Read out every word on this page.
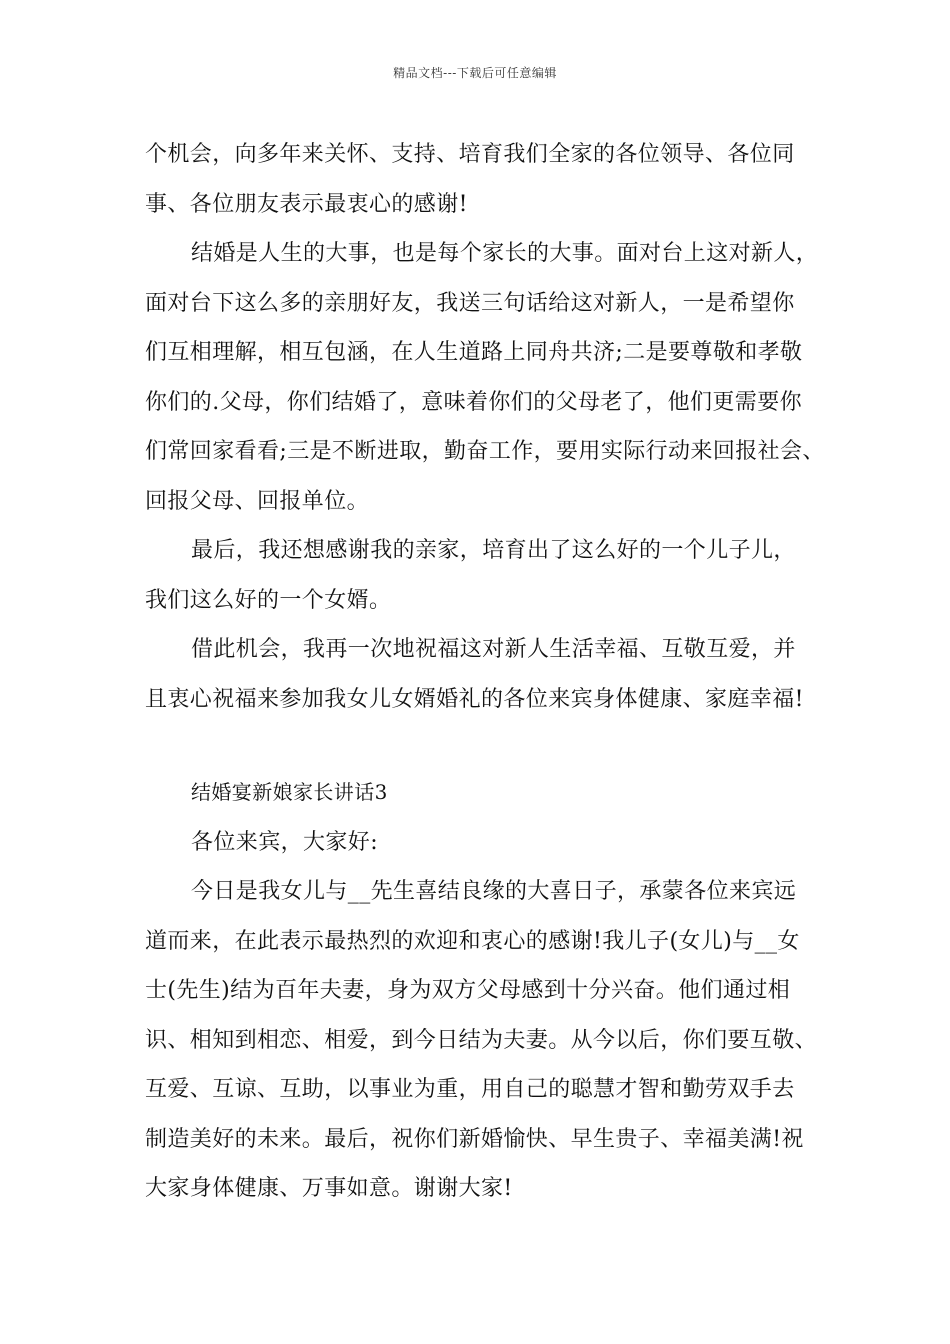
精品文档---下载后可任意编辑
个机会，向多年来关怀、支持、培育我们全家的各位领导、各位同
事、各位朋友表示最衷心的感谢!
结婚是人生的大事，也是每个家长的大事。面对台上这对新人，
面对台下这么多的亲朋好友，我送三句话给这对新人，一是希望你
们互相理解，相互包涵，在人生道路上同舟共济;二是要尊敬和孝敬
你们的.父母，你们结婚了，意味着你们的父母老了，他们更需要你
们常回家看看;三是不断进取，勤奋工作，要用实际行动来回报社会、
回报父母、回报单位。
最后，我还想感谢我的亲家，培育出了这么好的一个儿子儿，
我们这么好的一个女婿。
借此机会，我再一次地祝福这对新人生活幸福、互敬互爱，并
且衷心祝福来参加我女儿女婿婚礼的各位来宾身体健康、家庭幸福!
结婚宴新娘家长讲话3
各位来宾，大家好:
今日是我女儿与__先生喜结良缘的大喜日子，承蒙各位来宾远
道而来，在此表示最热烈的欢迎和衷心的感谢!我儿子(女儿)与__女
士(先生)结为百年夫妻，身为双方父母感到十分兴奋。他们通过相
识、相知到相恋、相爱，到今日结为夫妻。从今以后，你们要互敬、
互爱、互谅、互助，以事业为重，用自己的聪慧才智和勤劳双手去
制造美好的未来。最后，祝你们新婚愉快、早生贵子、幸福美满!祝
大家身体健康、万事如意。谢谢大家!
